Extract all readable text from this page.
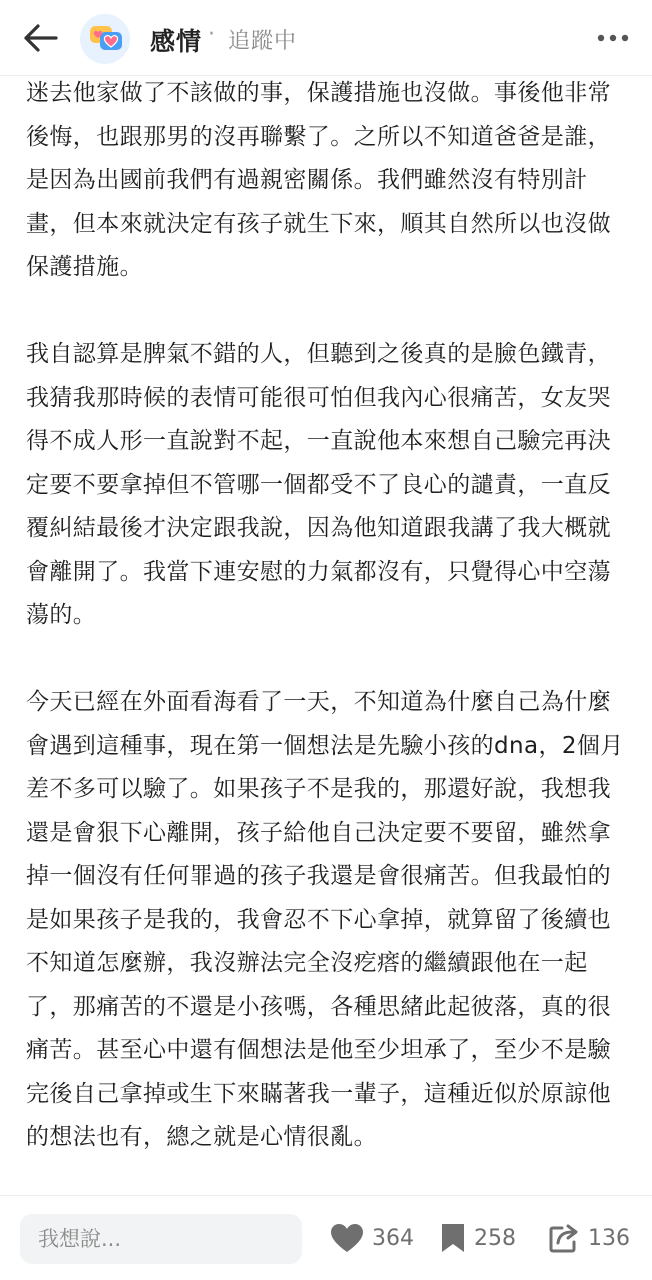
感情 · 追蹤中

迷去他家做了不該做的事，保護措施也沒做。事後他非常後悔，也跟那男的沒再聯繫了。之所以不知道爸爸是誰，是因為出國前我們有過親密關係。我們雖然沒有特別計畫，但本來就決定有孩子就生下來，順其自然所以也沒做保護措施。

我自認算是脾氣不錯的人，但聽到之後真的是臉色鐵青，我猜我那時候的表情可能很可怕但我內心很痛苦，女友哭得不成人形一直說對不起，一直說他本來想自己驗完再決定要不要拿掉但不管哪一個都受不了良心的譴責，一直反覆糾結最後才決定跟我說，因為他知道跟我講了我大概就會離開了。我當下連安慰的力氣都沒有，只覺得心中空蕩蕩的。

今天已經在外面看海看了一天，不知道為什麼自己為什麼會遇到這種事，現在第一個想法是先驗小孩的dna，2個月差不多可以驗了。如果孩子不是我的，那還好說，我想我還是會狠下心離開，孩子給他自己決定要不要留，雖然拿掉一個沒有任何罪過的孩子我還是會很痛苦。但我最怕的是如果孩子是我的，我會忍不下心拿掉，就算留了後續也不知道怎麼辦，我沒辦法完全沒疙瘩的繼續跟他在一起了，那痛苦的不還是小孩嗎，各種思緒此起彼落，真的很痛苦。甚至心中還有個想法是他至少坦承了，至少不是驗完後自己拿掉或生下來瞞著我一輩子，這種近似於原諒他的想法也有，總之就是心情很亂。

我想說...	364	258	136
